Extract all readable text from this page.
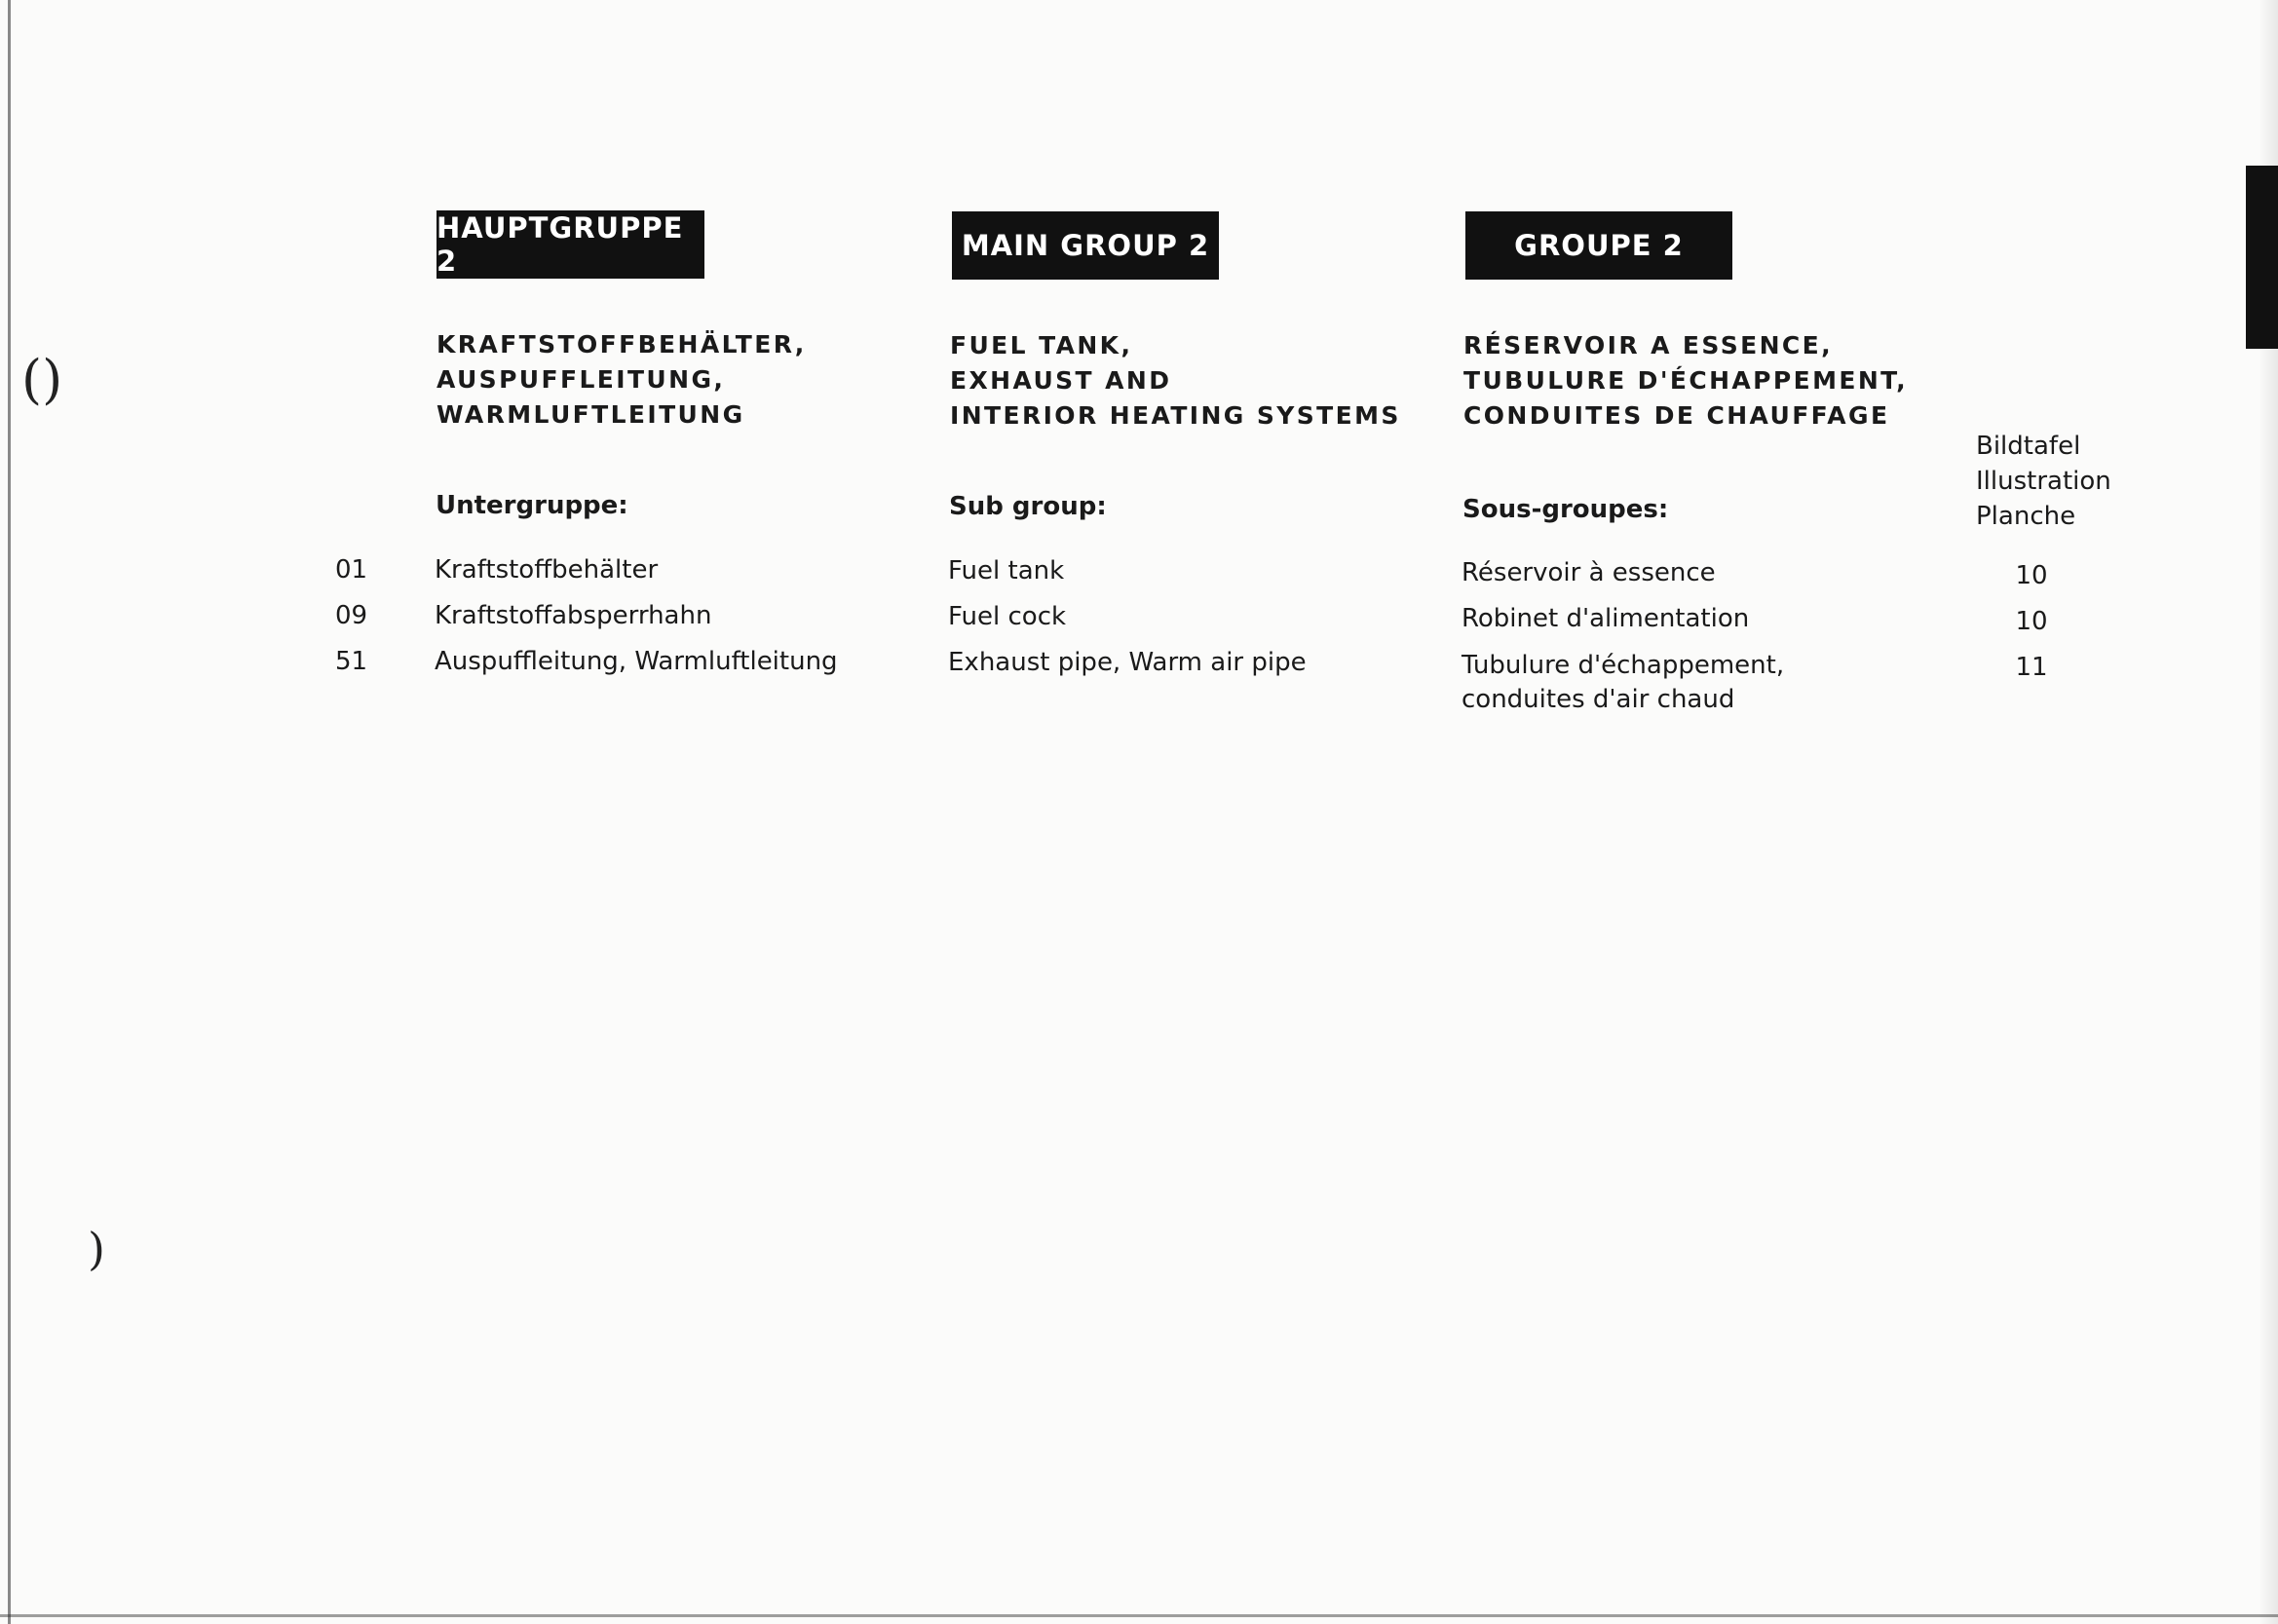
()
)
HAUPTGRUPPE 2
KRAFTSTOFFBEHÄLTER,
AUSPUFFLEITUNG,
WARMLUFTLEITUNG
Untergruppe:
01
09
51
Kraftstoffbehälter
Kraftstoffabsperrhahn
Auspuffleitung, Warmluftleitung
MAIN GROUP 2
FUEL TANK,
EXHAUST AND
INTERIOR HEATING SYSTEMS
Sub group:
Fuel tank
Fuel cock
Exhaust pipe, Warm air pipe
GROUPE 2
RÉSERVOIR A ESSENCE,
TUBULURE D'ÉCHAPPEMENT,
CONDUITES DE CHAUFFAGE
Sous-groupes:
Réservoir à essence
Robinet d'alimentation
Tubulure d'échappement,
conduites d'air chaud
Bildtafel
Illustration
Planche
10
10
11
